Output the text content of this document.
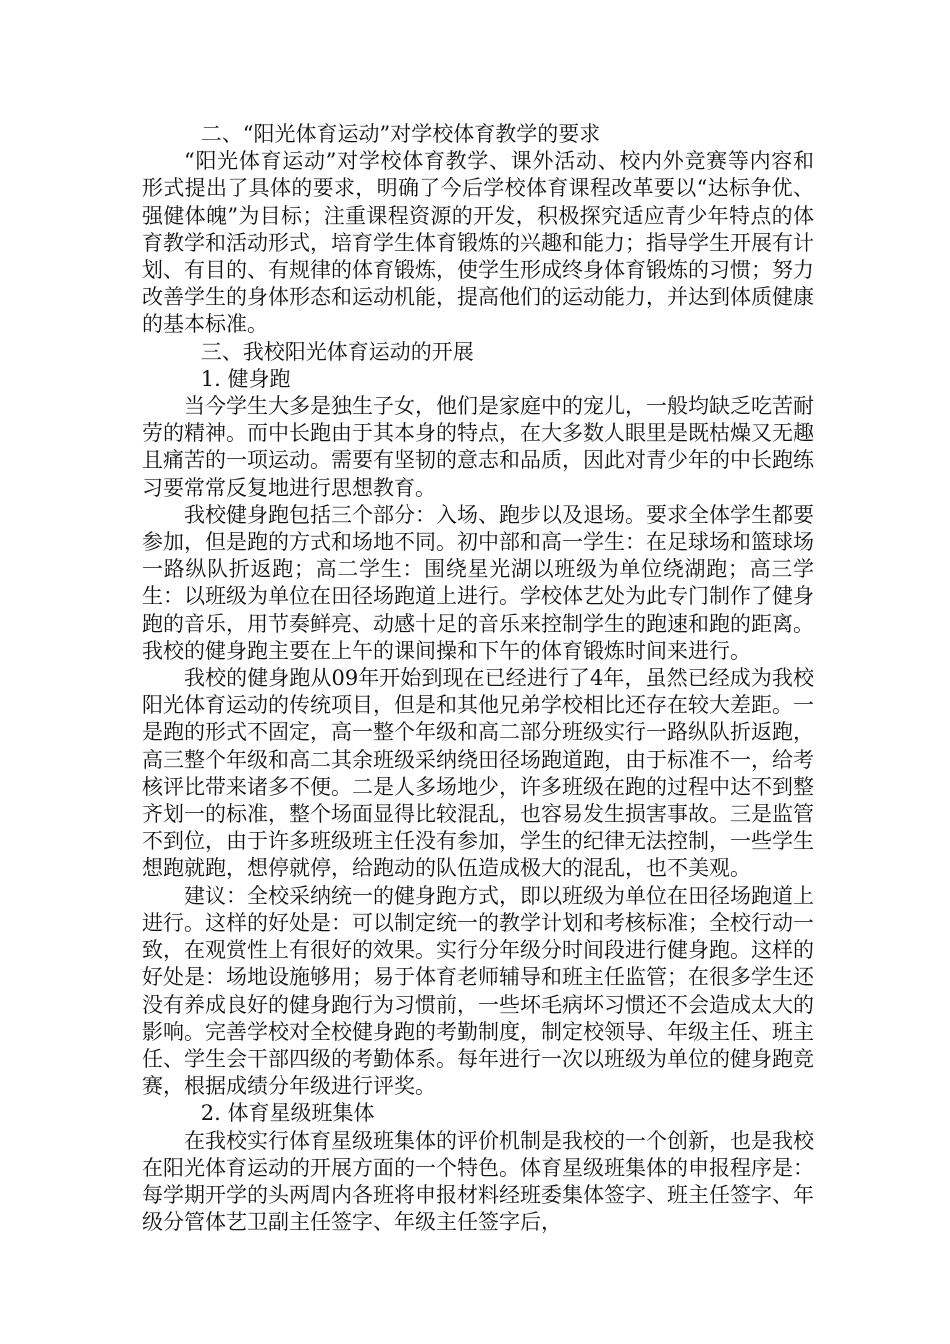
二、“阳光体育运动”对学校体育教学的要求

“阳光体育运动”对学校体育教学、课外活动、校内外竞赛等内容和形式提出了具体的要求，明确了今后学校体育课程改革要以“达标争优、强健体魄”为目标；注重课程资源的开发，积极探究适应青少年特点的体育教学和活动形式，培育学生体育锻炼的兴趣和能力；指导学生开展有计划、有目的、有规律的体育锻炼，使学生形成终身体育锻炼的习惯；努力改善学生的身体形态和运动机能，提高他们的运动能力，并达到体质健康的基本标准。

三、我校阳光体育运动的开展

1. 健身跑

当今学生大多是独生子女，他们是家庭中的宠儿，一般均缺乏吃苦耐劳的精神。而中长跑由于其本身的特点，在大多数人眼里是既枯燥又无趣且痛苦的一项运动。需要有坚韧的意志和品质，因此对青少年的中长跑练习要常常反复地进行思想教育。

我校健身跑包括三个部分：入场、跑步以及退场。要求全体学生都要参加，但是跑的方式和场地不同。初中部和高一学生：在足球场和篮球场一路纵队折返跑；高二学生：围绕星光湖以班级为单位绕湖跑；高三学生：以班级为单位在田径场跑道上进行。学校体艺处为此专门制作了健身跑的音乐，用节奏鲜亮、动感十足的音乐来控制学生的跑速和跑的距离。我校的健身跑主要在上午的课间操和下午的体育锻炼时间来进行。

我校的健身跑从09年开始到现在已经进行了4年，虽然已经成为我校阳光体育运动的传统项目，但是和其他兄弟学校相比还存在较大差距。一是跑的形式不固定，高一整个年级和高二部分班级实行一路纵队折返跑，高三整个年级和高二其余班级采纳绕田径场跑道跑，由于标准不一，给考核评比带来诸多不便。二是人多场地少，许多班级在跑的过程中达不到整齐划一的标准，整个场面显得比较混乱，也容易发生损害事故。三是监管不到位，由于许多班级班主任没有参加，学生的纪律无法控制，一些学生想跑就跑，想停就停，给跑动的队伍造成极大的混乱，也不美观。

建议：全校采纳统一的健身跑方式，即以班级为单位在田径场跑道上进行。这样的好处是：可以制定统一的教学计划和考核标准；全校行动一致，在观赏性上有很好的效果。实行分年级分时间段进行健身跑。这样的好处是：场地设施够用；易于体育老师辅导和班主任监管；在很多学生还没有养成良好的健身跑行为习惯前，一些坏毛病坏习惯还不会造成太大的影响。完善学校对全校健身跑的考勤制度，制定校领导、年级主任、班主任、学生会干部四级的考勤体系。每年进行一次以班级为单位的健身跑竞赛，根据成绩分年级进行评奖。

2. 体育星级班集体

在我校实行体育星级班集体的评价机制是我校的一个创新，也是我校在阳光体育运动的开展方面的一个特色。体育星级班集体的申报程序是：每学期开学的头两周内各班将申报材料经班委集体签字、班主任签字、年级分管体艺卫副主任签字、年级主任签字后，
